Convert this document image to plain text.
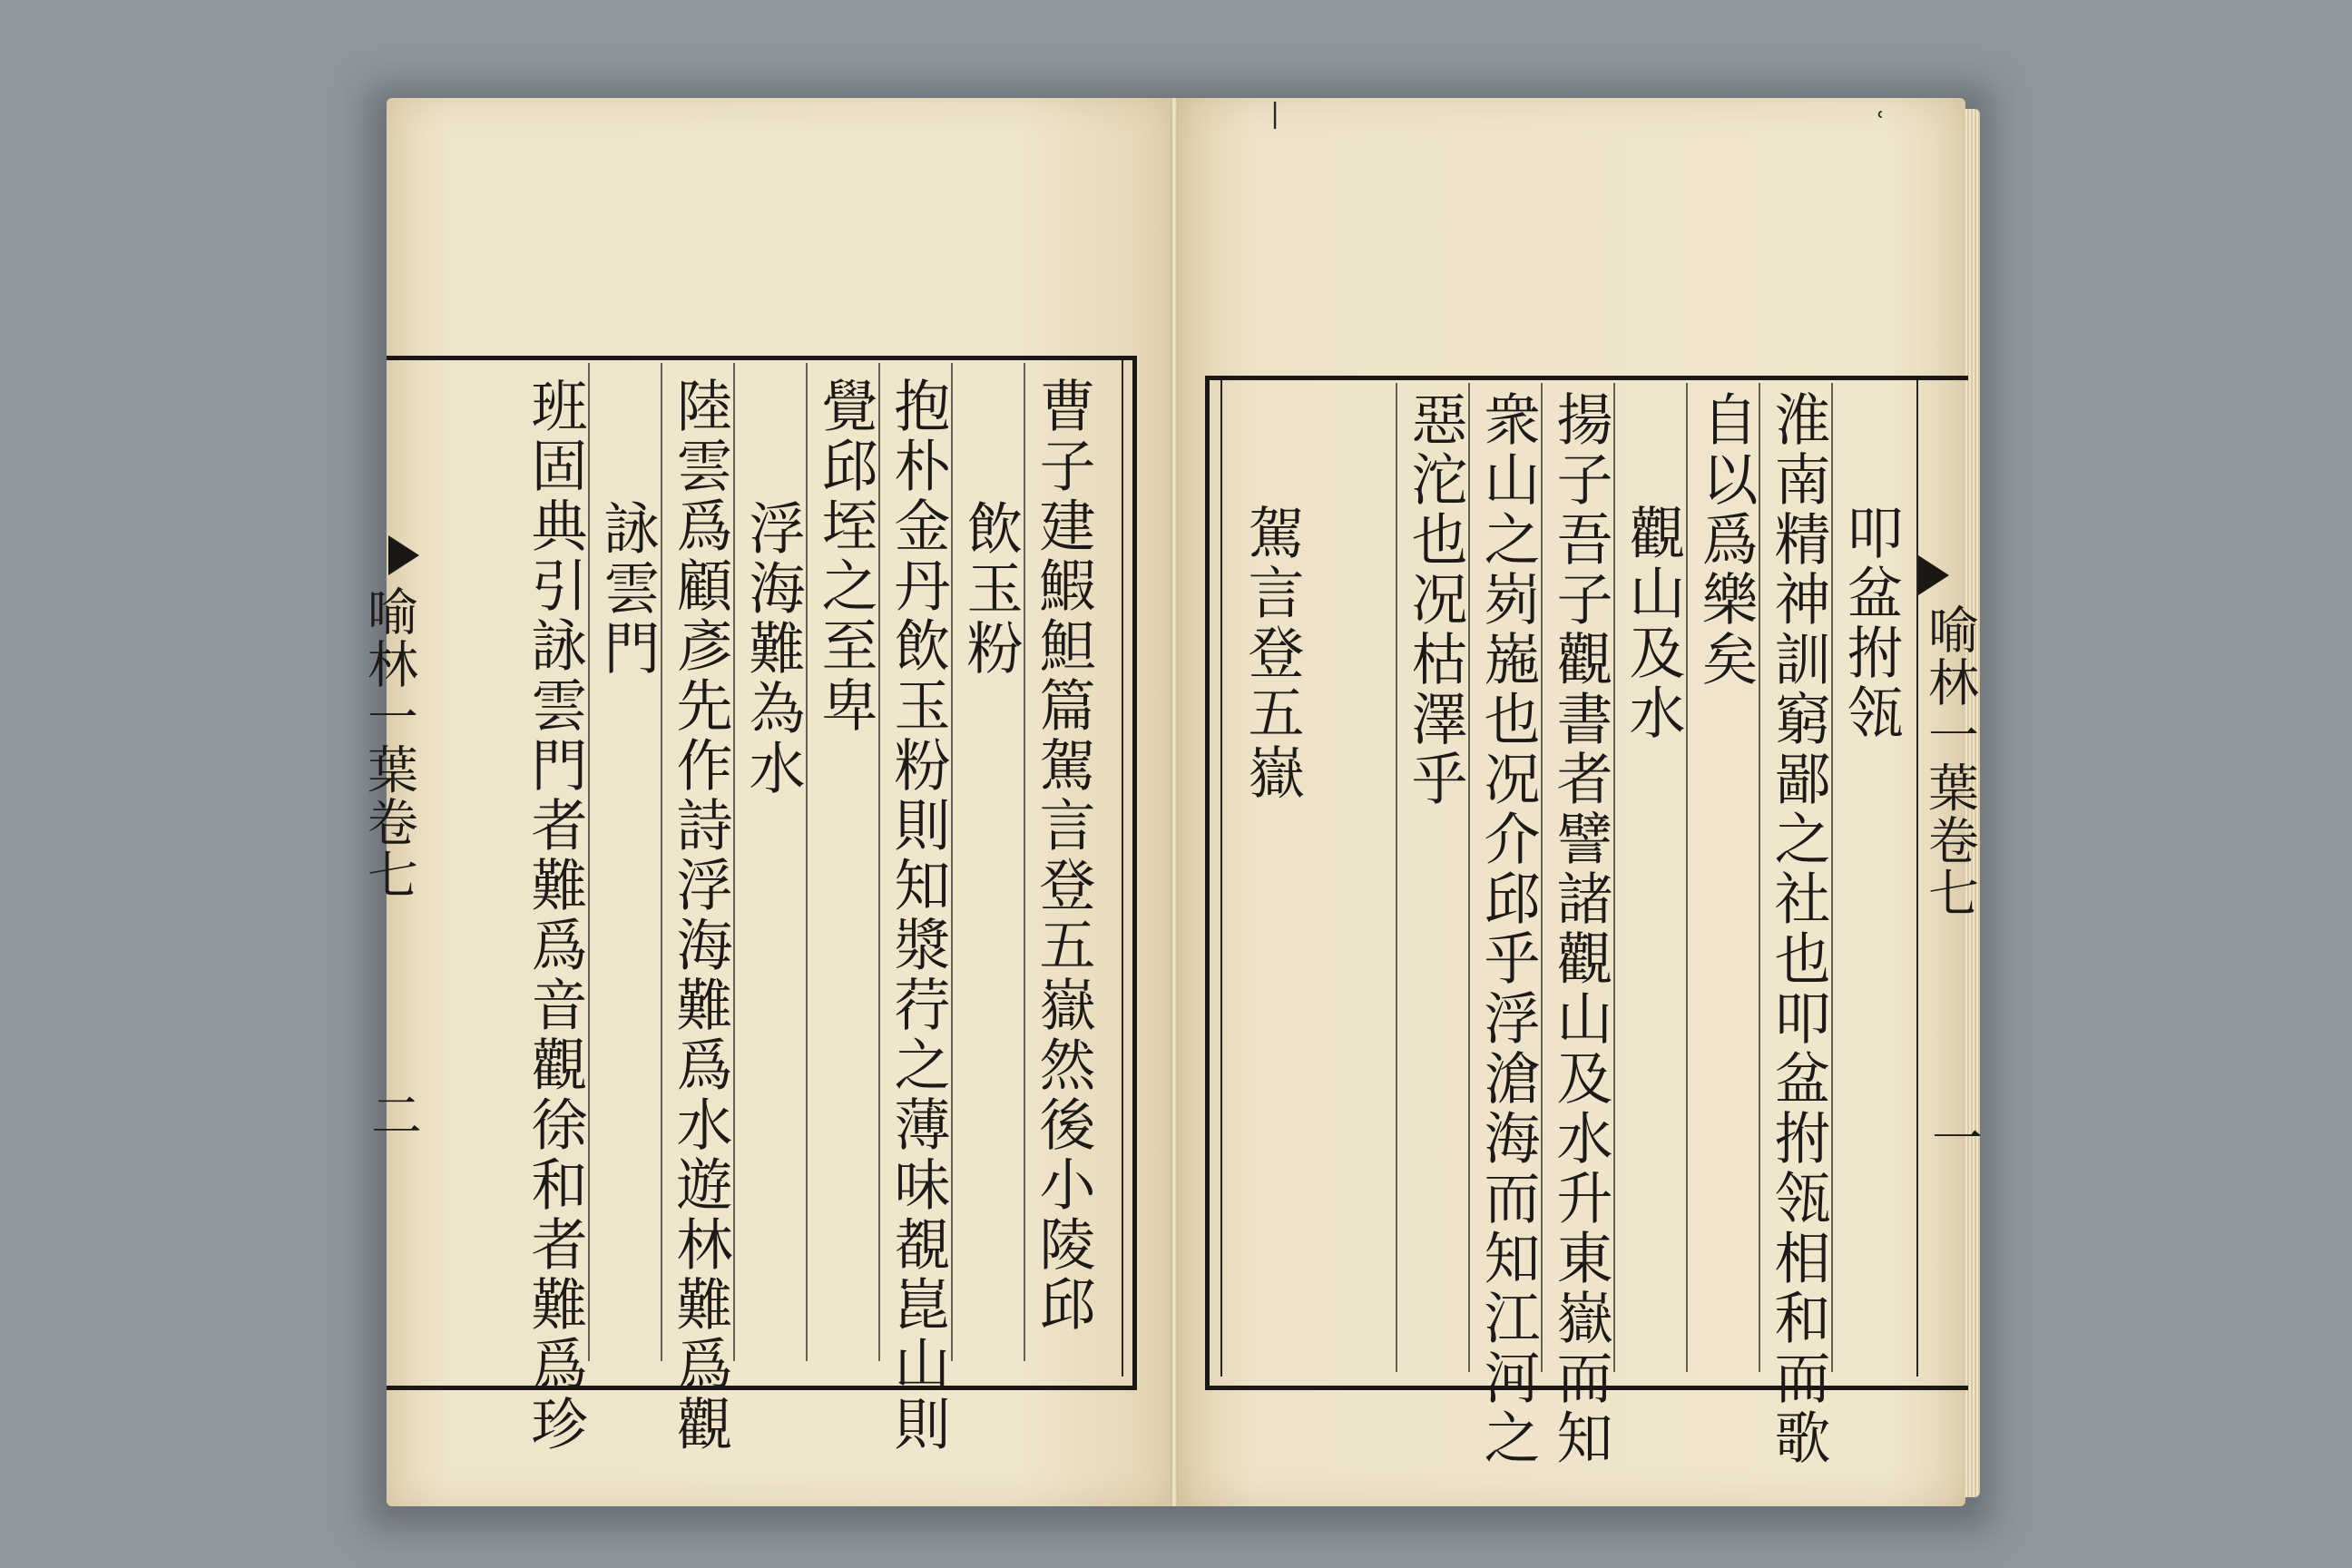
喻林一葉卷七
二	曹子建鰕䱇篇駕言登五嶽然後小陵邱
飲玉粉
抱朴金丹飲玉粉則知漿荇之薄味覩崑山則
覺邱垤之至卑
浮海難為水
陸雲爲顧彥先作詩浮海難爲水遊林難爲觀
詠雲門
班固典引詠雲門者難爲音觀徐和者難爲珍	喻林一葉卷七
一
叩盆拊瓴
淮南精神訓窮鄙之社也叩盆拊瓴相和而歌
自以爲樂矣
觀山及水
揚子吾子觀書者譬諸觀山及水升東嶽而知
衆山之峛崺也况介邱乎浮滄海而知江河之
惡沱也况枯澤乎
駕言登五嶽
|	ʿ
